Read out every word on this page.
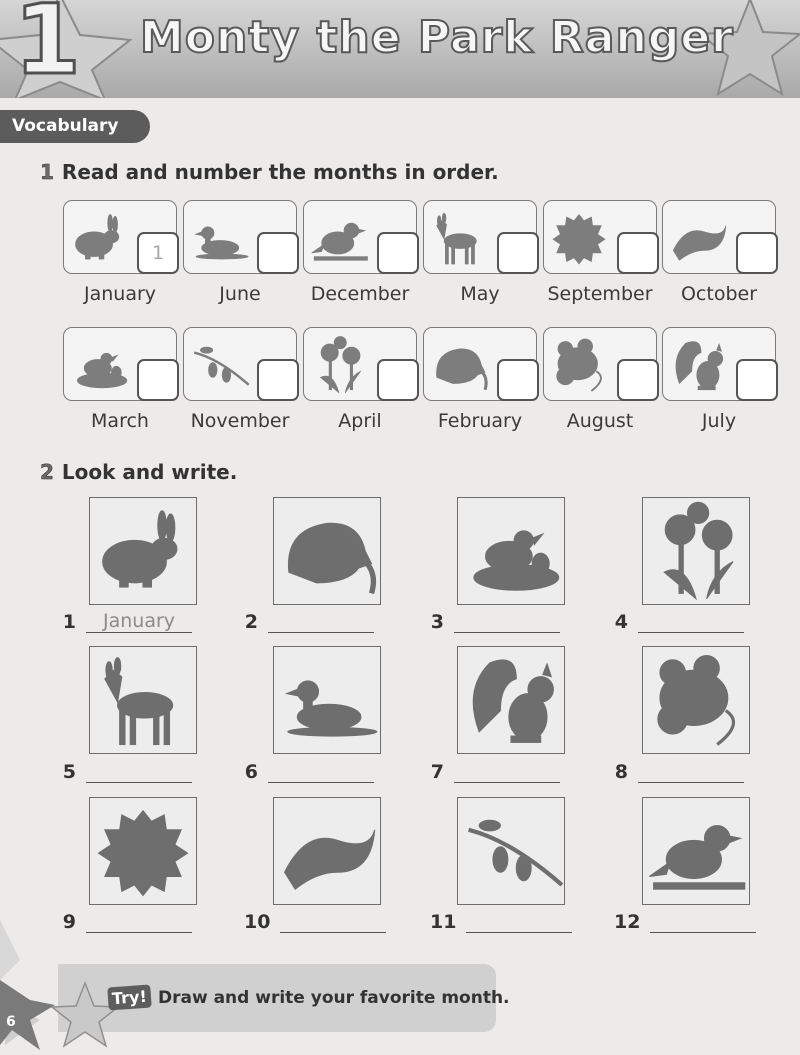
1 Monty the Park Ranger
Vocabulary
1 Read and number the months in order.
1
January	June	December	May	September	October
March	November	April	February	August	July
2 Look and write.
1	January	2	3	4
5	6	7	8
9	10	11	12
Try! Draw and write your favorite month.
6
